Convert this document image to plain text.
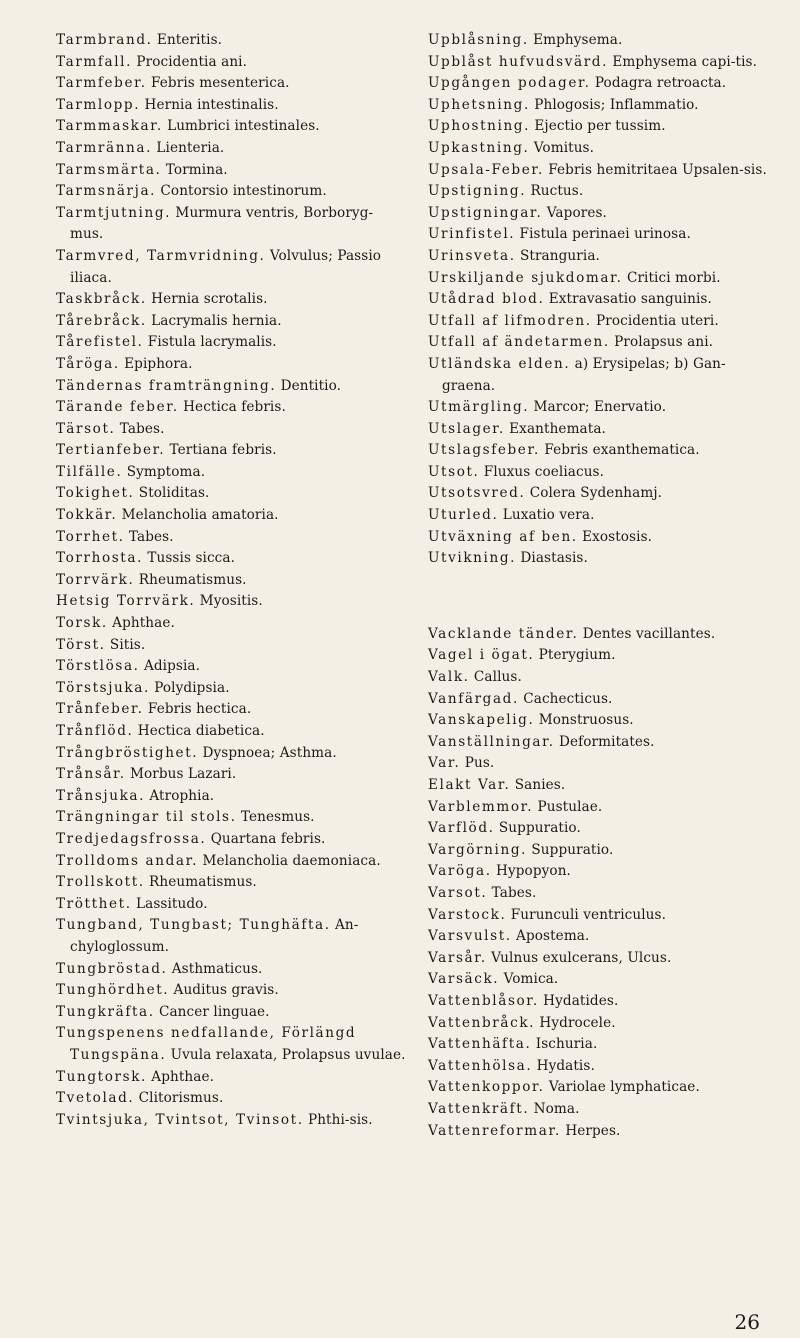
Tarmbrand. Enteritis.
Tarmfall. Procidentia ani.
Tarmfeber. Febris mesenterica.
Tarmlopp. Hernia intestinalis.
Tarmmaskar. Lumbrici intestinales.
Tarmränna. Lienteria.
Tarmsmärta. Tormina.
Tarmsnärja. Contorsio intestinorum.
Tarmtjutning. Murmura ventris, Borboryg-mus.
Tarmvred, Tarmvridning. Volvulus; Passio iliaca.
Taskbråck. Hernia scrotalis.
Tårebråck. Lacrymalis hernia.
Tårefistel. Fistula lacrymalis.
Tåröga. Epiphora.
Tändernas framträngning. Dentitio.
Tärande feber. Hectica febris.
Tärsot. Tabes.
Tertianfeber. Tertiana febris.
Tilfälle. Symptoma.
Tokighet. Stoliditas.
Tokkär. Melancholia amatoria.
Torrhet. Tabes.
Torrhosta. Tussis sicca.
Torrvärk. Rheumatismus.
Hetsig Torrvärk. Myositis.
Torsk. Aphthae.
Törst. Sitis.
Törstlösa. Adipsia.
Törstsjuka. Polydipsia.
Trånfeber. Febris hectica.
Trånflöd. Hectica diabetica.
Trångbröstighet. Dyspnoea; Asthma.
Trånsår. Morbus Lazari.
Trånsjuka. Atrophia.
Trängningar til stols. Tenesmus.
Tredjedagsfrossa. Quartana febris.
Trolldoms andar. Melancholia daemoniaca.
Trollskott. Rheumatismus.
Trötthet. Lassitudo.
Tungband, Tungbast; Tunghäfta. An-chyloglossum.
Tungbröstad. Asthmaticus.
Tunghördhet. Auditus gravis.
Tungkräfta. Cancer linguae.
Tungspenens nedfallande, Förlängd Tungspäna. Uvula relaxata, Prolapsus uvulae.
Tungtorsk. Aphthae.
Tvetolad. Clitorismus.
Tvintsjuka, Tvintsot, Tvinsot. Phthi-sis.
Upblåsning. Emphysema.
Upblåst hufvudsvärd. Emphysema capi-tis.
Upgången podager. Podagra retroacta.
Uphetsning. Phlogosis; Inflammatio.
Uphostning. Ejectio per tussim.
Upkastning. Vomitus.
Upsala-Feber. Febris hemitritaea Upsalen-sis.
Upstigning. Ructus.
Upstigningar. Vapores.
Urinfistel. Fistula perinaei urinosa.
Urinsveta. Stranguria.
Urskiljande sjukdomar. Critici morbi.
Utådrad blod. Extravasatio sanguinis.
Utfall af lifmodren. Procidentia uteri.
Utfall af ändetarmen. Prolapsus ani.
Utländska elden. a) Erysipelas; b) Gan-graena.
Utmärgling. Marcor; Enervatio.
Utslager. Exanthemata.
Utslagsfeber. Febris exanthematica.
Utsot. Fluxus coeliacus.
Utsotsvred. Colera Sydenhamj.
Uturled. Luxatio vera.
Utväxning af ben. Exostosis.
Utvikning. Diastasis.
Vacklande tänder. Dentes vacillantes.
Vagel i ögat. Pterygium.
Valk. Callus.
Vanfärgad. Cachecticus.
Vanskapelig. Monstruosus.
Vanställningar. Deformitates.
Var. Pus.
Elakt Var. Sanies.
Varblemmor. Pustulae.
Varflöd. Suppuratio.
Vargörning. Suppuratio.
Varöga. Hypopyon.
Varsot. Tabes.
Varstock. Furunculi ventriculus.
Varsvulst. Apostema.
Varsår. Vulnus exulcerans, Ulcus.
Varsäck. Vomica.
Vattenblåsor. Hydatides.
Vattenbråck. Hydrocele.
Vattenhäfta. Ischuria.
Vattenhölsa. Hydatis.
Vattenkoppor. Variolae lymphaticae.
Vattenkräft. Noma.
Vattenreformar. Herpes.
26
